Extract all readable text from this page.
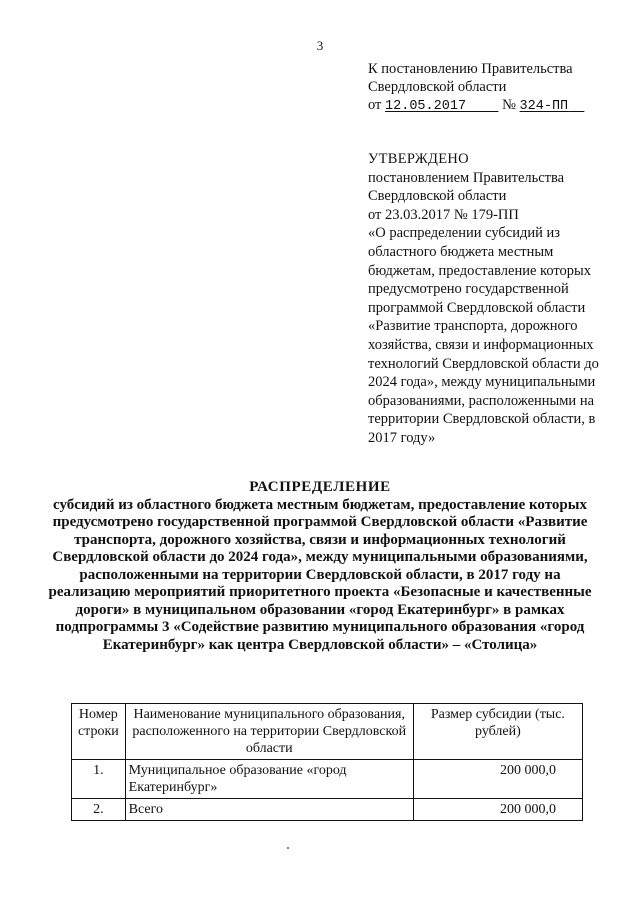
3
К постановлению Правительства
Свердловской области
от 12.05.2017 № 324-ПП
УТВЕРЖДЕНО
постановлением Правительства
Свердловской области
от 23.03.2017 № 179-ПП
«О распределении субсидий из областного бюджета местным бюджетам, предоставление которых предусмотрено государственной программой Свердловской области «Развитие транспорта, дорожного хозяйства, связи и информационных технологий Свердловской области до 2024 года», между муниципальными образованиями, расположенными на территории Свердловской области, в 2017 году»
РАСПРЕДЕЛЕНИЕ
субсидий из областного бюджета местным бюджетам, предоставление которых предусмотрено государственной программой Свердловской области «Развитие транспорта, дорожного хозяйства, связи и информационных технологий Свердловской области до 2024 года», между муниципальными образованиями, расположенными на территории Свердловской области, в 2017 году на реализацию мероприятий приоритетного проекта «Безопасные и качественные дороги» в муниципальном образовании «город Екатеринбург» в рамках подпрограммы 3 «Содействие развитию муниципального образования «город Екатеринбург» как центра Свердловской области» – «Столица»
Номер строки	Наименование муниципального образования, расположенного на территории Свердловской области	Размер субсидии (тыс. рублей)
1.	Муниципальное образование «город Екатеринбург»	200 000,0
2.	Всего	200 000,0
